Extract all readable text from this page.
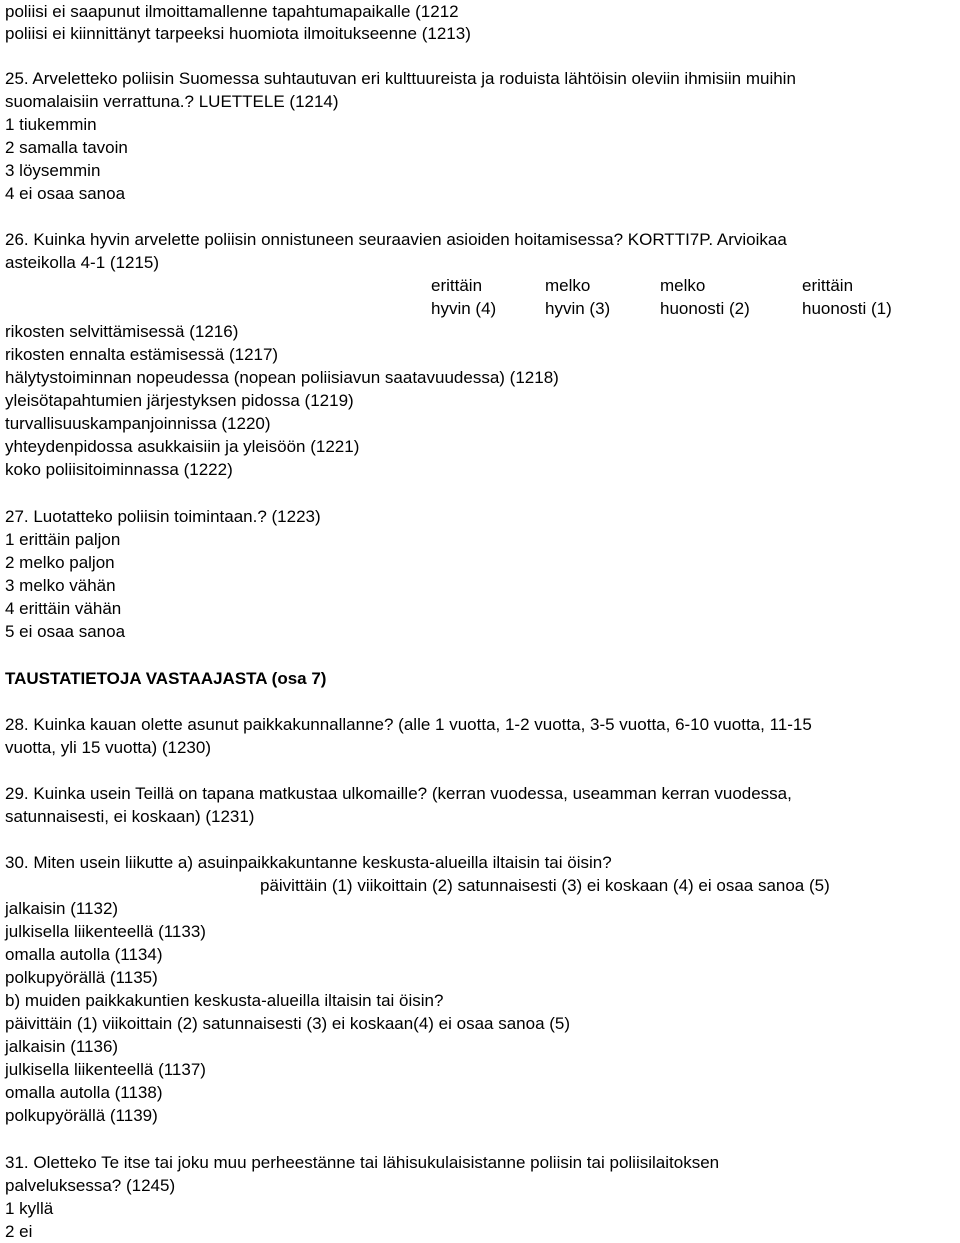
poliisi ei saapunut ilmoittamallenne tapahtumapaikalle (1212
poliisi ei kiinnittänyt tarpeeksi huomiota ilmoitukseenne (1213)
25. Arveletteko poliisin Suomessa suhtautuvan eri kulttuureista ja roduista lähtöisin oleviin ihmisiin muihin
suomalaisiin verrattuna.? LUETTELE (1214)
1 tiukemmin
2 samalla tavoin
3 löysemmin
4 ei osaa sanoa
26. Kuinka hyvin arvelette poliisin onnistuneen seuraavien asioiden hoitamisessa? KORTTI7P. Arvioikaa
asteikolla 4-1 (1215)
erittäin	melko	melko	erittäin
hyvin (4)	hyvin (3)	huonosti (2)	huonosti (1)
rikosten selvittämisessä (1216)
rikosten ennalta estämisessä (1217)
hälytystoiminnan nopeudessa (nopean poliisiavun saatavuudessa) (1218)
yleisötapahtumien järjestyksen pidossa (1219)
turvallisuuskampanjoinnissa (1220)
yhteydenpidossa asukkaisiin ja yleisöön (1221)
koko poliisitoiminnassa (1222)
27. Luotatteko poliisin toimintaan.? (1223)
1 erittäin paljon
2 melko paljon
3 melko vähän
4 erittäin vähän
5 ei osaa sanoa
TAUSTATIETOJA VASTAAJASTA (osa 7)
28. Kuinka kauan olette asunut paikkakunnallanne? (alle 1 vuotta, 1-2 vuotta, 3-5 vuotta, 6-10 vuotta, 11-15
vuotta, yli 15 vuotta) (1230)
29. Kuinka usein Teillä on tapana matkustaa ulkomaille? (kerran vuodessa, useamman kerran vuodessa,
satunnaisesti, ei koskaan) (1231)
30. Miten usein liikutte a) asuinpaikkakuntanne keskusta-alueilla iltaisin tai öisin?
päivittäin (1) viikoittain (2) satunnaisesti (3) ei koskaan (4) ei osaa sanoa (5)
jalkaisin (1132)
julkisella liikenteellä (1133)
omalla autolla (1134)
polkupyörällä (1135)
b) muiden paikkakuntien keskusta-alueilla iltaisin tai öisin?
päivittäin (1) viikoittain (2) satunnaisesti (3) ei koskaan(4) ei osaa sanoa (5)
jalkaisin (1136)
julkisella liikenteellä (1137)
omalla autolla (1138)
polkupyörällä (1139)
31. Oletteko Te itse tai joku muu perheestänne tai lähisukulaisistanne poliisin tai poliisilaitoksen
palveluksessa? (1245)
1 kyllä
2 ei
